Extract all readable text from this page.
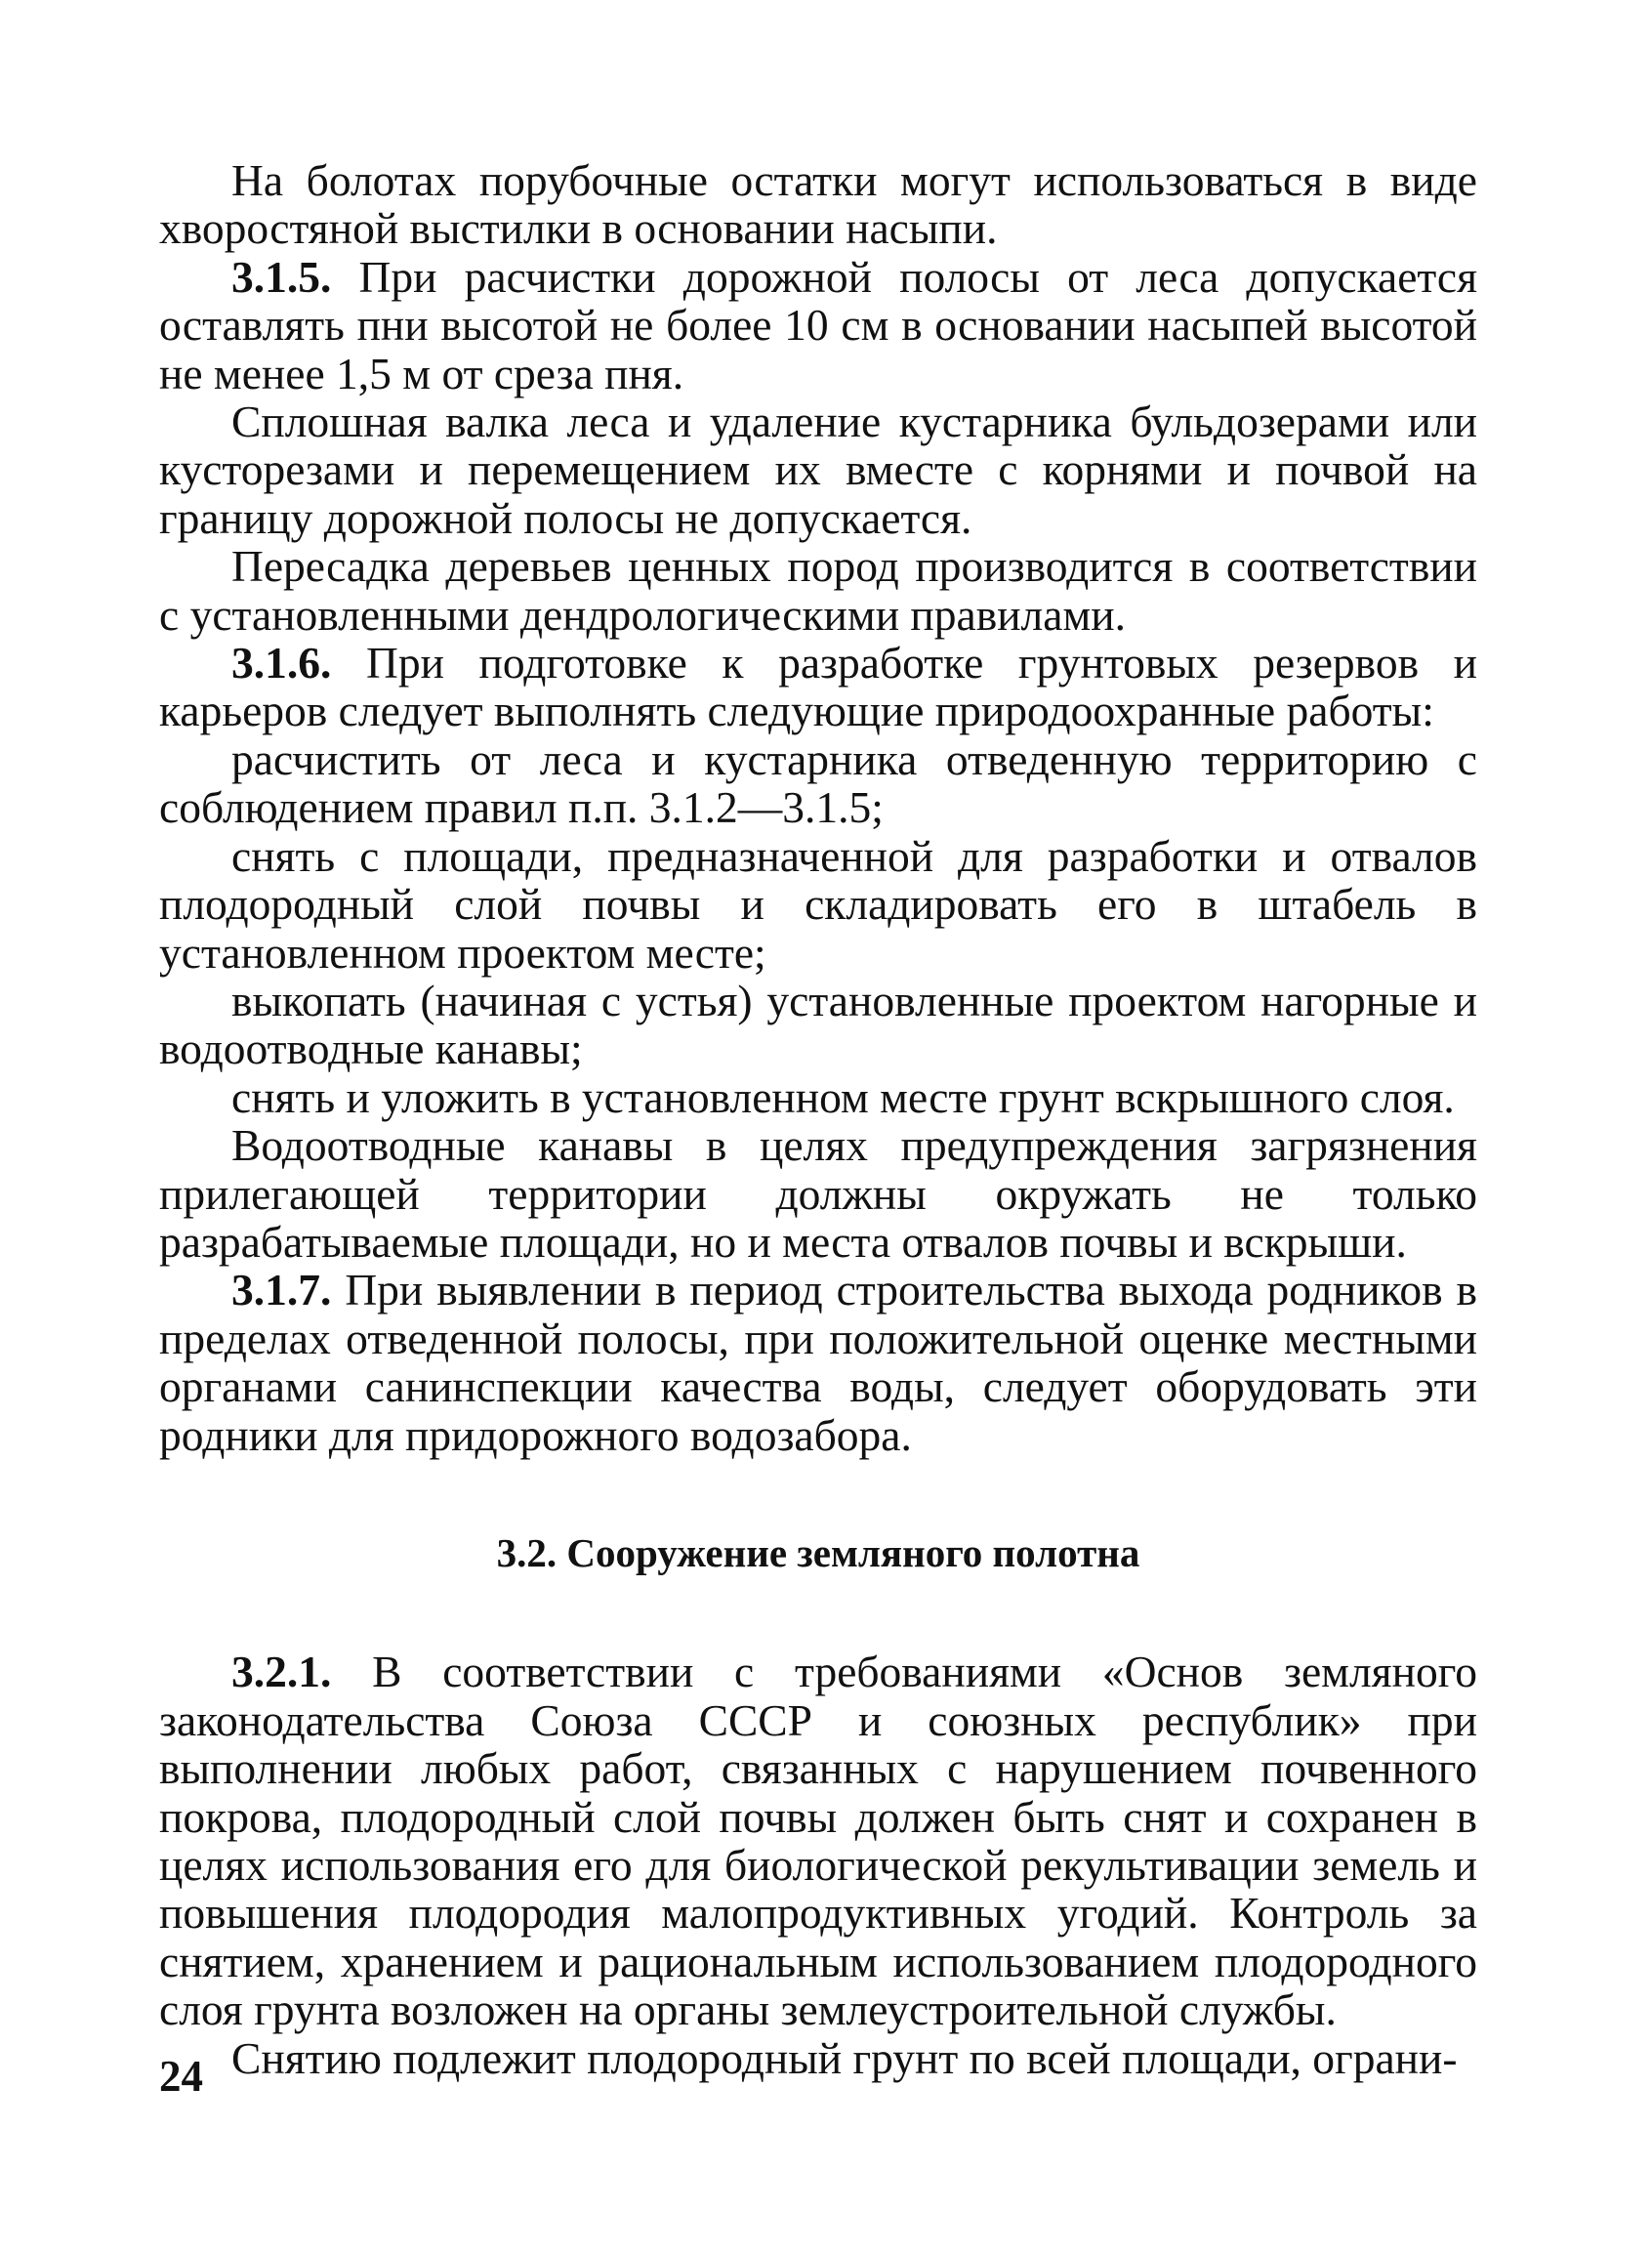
На болотах порубочные остатки могут использоваться в виде хворостяной выстилки в основании насыпи.

3.1.5. При расчистки дорожной полосы от леса допускается оставлять пни высотой не более 10 см в основании насыпей высотой не менее 1,5 м от среза пня.

Сплошная валка леса и удаление кустарника бульдозерами или кусторезами и перемещением их вместе с корнями и почвой на границу дорожной полосы не допускается.

Пересадка деревьев ценных пород производится в соответствии с установленными дендрологическими правилами.

3.1.6. При подготовке к разработке грунтовых резервов и карьеров следует выполнять следующие природоохранные работы:

расчистить от леса и кустарника отведенную территорию с соблюдением правил п.п. 3.1.2—3.1.5;

снять с площади, предназначенной для разработки и отвалов плодородный слой почвы и складировать его в штабель в установленном проектом месте;

выкопать (начиная с устья) установленные проектом нагорные и водоотводные канавы;

снять и уложить в установленном месте грунт вскрышного слоя.

Водоотводные канавы в целях предупреждения загрязнения прилегающей территории должны окружать не только разрабатываемые площади, но и места отвалов почвы и вскрыши.

3.1.7. При выявлении в период строительства выхода родников в пределах отведенной полосы, при положительной оценке местными органами санинспекции качества воды, следует оборудовать эти родники для придорожного водозабора.

3.2. Сооружение земляного полотна

3.2.1. В соответствии с требованиями «Основ земляного законодательства Союза СССР и союзных республик» при выполнении любых работ, связанных с нарушением почвенного покрова, плодородный слой почвы должен быть снят и сохранен в целях использования его для биологической рекультивации земель и повышения плодородия малопродуктивных угодий. Контроль за снятием, хранением и рациональным использованием плодородного слоя грунта возложен на органы землеустроительной службы.

Снятию подлежит плодородный грунт по всей площади, ограни-

24
